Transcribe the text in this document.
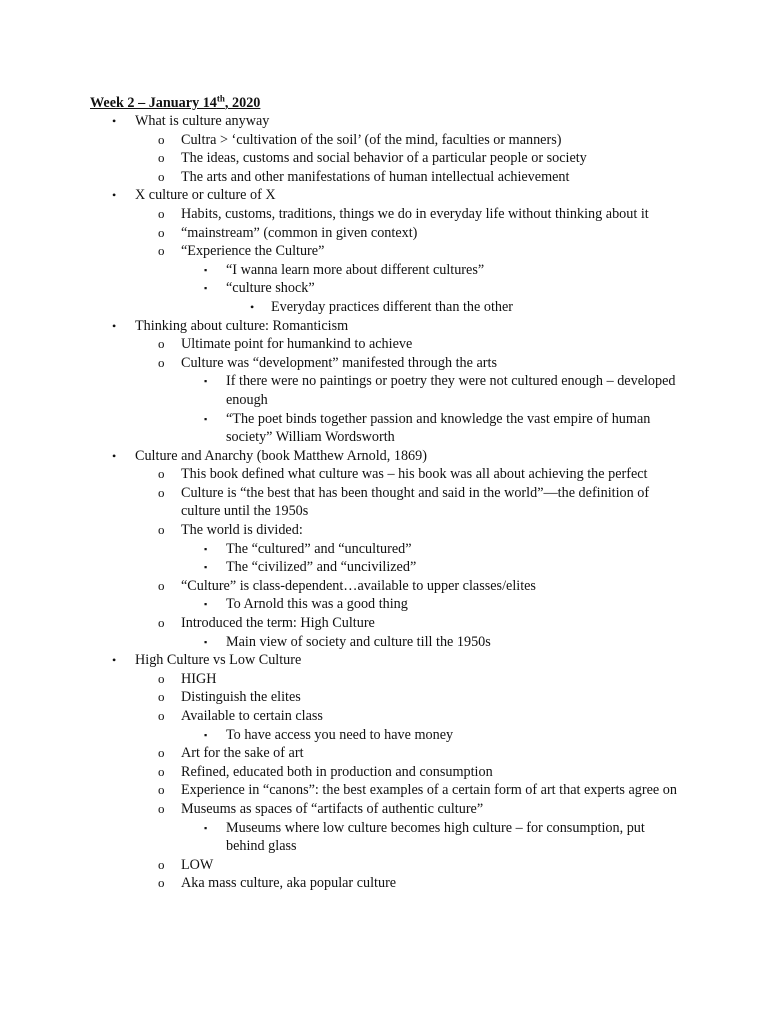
Week 2 – January 14th, 2020
• What is culture anyway
o Cultra > ‘cultivation of the soil’ (of the mind, faculties or manners)
o The ideas, customs and social behavior of a particular people or society
o The arts and other manifestations of human intellectual achievement
• X culture or culture of X
o Habits, customs, traditions, things we do in everyday life without thinking about it
o “mainstream” (common in given context)
o “Experience the Culture”
▪ “I wanna learn more about different cultures”
▪ “culture shock”
• Everyday practices different than the other
• Thinking about culture: Romanticism
o Ultimate point for humankind to achieve
o Culture was “development” manifested through the arts
▪ If there were no paintings or poetry they were not cultured enough – developed enough
▪ “The poet binds together passion and knowledge the vast empire of human society” William Wordsworth
• Culture and Anarchy (book Matthew Arnold, 1869)
o This book defined what culture was – his book was all about achieving the perfect
o Culture is “the best that has been thought and said in the world”—the definition of culture until the 1950s
o The world is divided:
▪ The “cultured” and “uncultured”
▪ The “civilized” and “uncivilized”
o “Culture” is class-dependent…available to upper classes/elites
▪ To Arnold this was a good thing
o Introduced the term: High Culture
▪ Main view of society and culture till the 1950s
• High Culture vs Low Culture
o HIGH
o Distinguish the elites
o Available to certain class
▪ To have access you need to have money
o Art for the sake of art
o Refined, educated both in production and consumption
o Experience in “canons”: the best examples of a certain form of art that experts agree on
o Museums as spaces of “artifacts of authentic culture”
▪ Museums where low culture becomes high culture – for consumption, put behind glass
o LOW
o Aka mass culture, aka popular culture
